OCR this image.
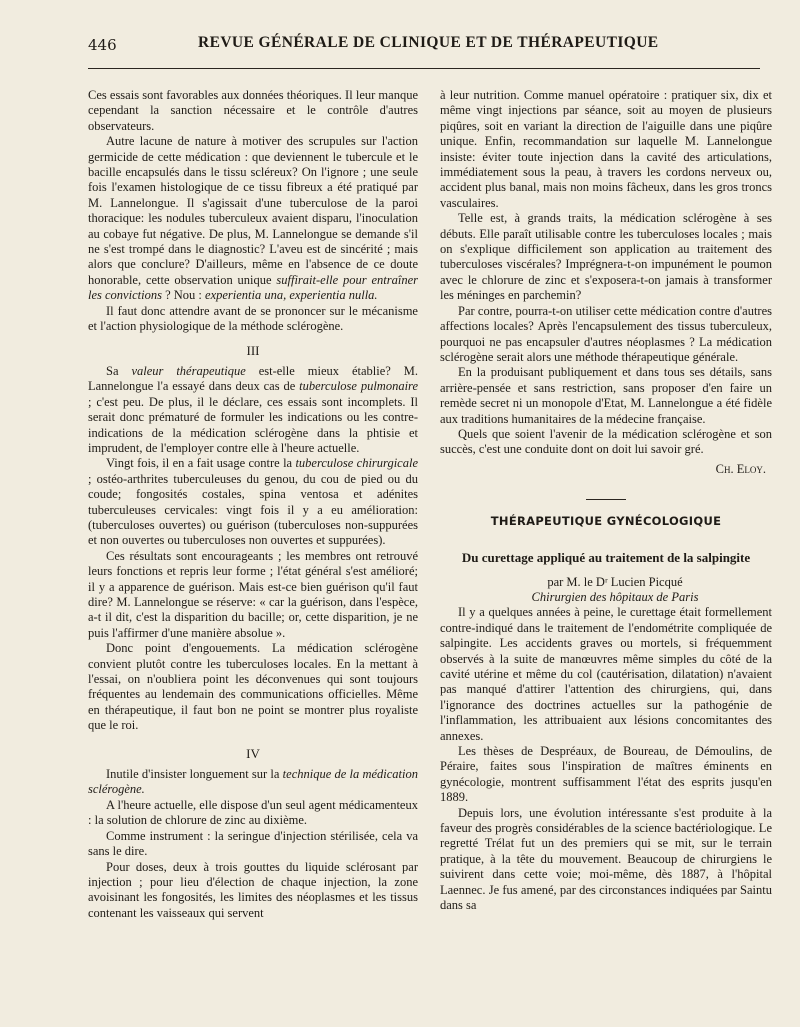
446	REVUE GÉNÉRALE DE CLINIQUE ET DE THÉRAPEUTIQUE

Ces essais sont favorables aux données théoriques. Il leur manque cependant la sanction nécessaire et le contrôle d'autres observateurs.

Autre lacune de nature à motiver des scrupules sur l'action germicide de cette médication : que deviennent le tubercule et le bacille encapsulés dans le tissu scléreux? On l'ignore ; une seule fois l'examen histologique de ce tissu fibreux a été pratiqué par M. Lannelongue. Il s'agissait d'une tuberculose de la paroi thoracique: les nodules tuberculeux avaient disparu, l'inoculation au cobaye fut négative. De plus, M. Lannelongue se demande s'il ne s'est trompé dans le diagnostic? L'aveu est de sincérité ; mais alors que conclure? D'ailleurs, même en l'absence de ce doute honorable, cette observation unique suffirait-elle pour entraîner les convictions ? Nou : experientia una, experientia nulla.

Il faut donc attendre avant de se prononcer sur le mécanisme et l'action physiologique de la méthode sclérogène.

III

Sa valeur thérapeutique est-elle mieux établie? M. Lannelongue l'a essayé dans deux cas de tuberculose pulmonaire ; c'est peu. De plus, il le déclare, ces essais sont incomplets. Il serait donc prématuré de formuler les indications ou les contre-indications de la médication sclérogène dans la phtisie et imprudent, de l'employer contre elle à l'heure actuelle.

Vingt fois, il en a fait usage contre la tuberculose chirurgicale ; ostéo-arthrites tuberculeuses du genou, du cou de pied ou du coude; fongosités costales, spina ventosa et adénites tuberculeuses cervicales: vingt fois il y a eu amélioration: (tuberculoses ouvertes) ou guérison (tuberculoses non-suppurées et non ouvertes ou tuberculoses non ouvertes et suppurées).

Ces résultats sont encourageants ; les membres ont retrouvé leurs fonctions et repris leur forme ; l'état général s'est amélioré; il y a apparence de guérison. Mais est-ce bien guérison qu'il faut dire? M. Lannelongue se réserve: « car la guérison, dans l'espèce, a-t il dit, c'est la disparition du bacille; or, cette disparition, je ne puis l'affirmer d'une manière absolue ».

Donc point d'engouements. La médication sclérogène convient plutôt contre les tuberculoses locales. En la mettant à l'essai, on n'oubliera point les déconvenues qui sont toujours fréquentes au lendemain des communications officielles. Même en thérapeutique, il faut bon ne point se montrer plus royaliste que le roi.

IV

Inutile d'insister longuement sur la technique de la médication sclérogène.

A l'heure actuelle, elle dispose d'un seul agent médicamenteux : la solution de chlorure de zinc au dixième.

Comme instrument : la seringue d'injection stérilisée, cela va sans le dire.

Pour doses, deux à trois gouttes du liquide sclérosant par injection ; pour lieu d'élection de chaque injection, la zone avoisinant les fongosités, les limites des néoplasmes et les tissus contenant les vaisseaux qui servent

à leur nutrition. Comme manuel opératoire : pratiquer six, dix et même vingt injections par séance, soit au moyen de plusieurs piqûres, soit en variant la direction de l'aiguille dans une piqûre unique. Enfin, recommandation sur laquelle M. Lannelongue insiste: éviter toute injection dans la cavité des articulations, immédiatement sous la peau, à travers les cordons nerveux ou, accident plus banal, mais non moins fâcheux, dans les gros troncs vasculaires.

Telle est, à grands traits, la médication sclérogène à ses débuts. Elle paraît utilisable contre les tuberculoses locales ; mais on s'explique difficilement son application au traitement des tuberculoses viscérales? Imprégnera-t-on impunément le poumon avec le chlorure de zinc et s'exposera-t-on jamais à transformer les méninges en parchemin?

Par contre, pourra-t-on utiliser cette médication contre d'autres affections locales? Après l'encapsulement des tissus tuberculeux, pourquoi ne pas encapsuler d'autres néoplasmes ? La médication sclérogène serait alors une méthode thérapeutique générale.

En la produisant publiquement et dans tous ses détails, sans arrière-pensée et sans restriction, sans proposer d'en faire un remède secret ni un monopole d'Etat, M. Lannelongue a été fidèle aux traditions humanitaires de la médecine française.

Quels que soient l'avenir de la médication sclérogène et son succès, c'est une conduite dont on doit lui savoir gré.

Ch. Eloy.
THÉRAPEUTIQUE GYNÉCOLOGIQUE
Du curettage appliqué au traitement de la salpingite

par M. le Dʳ Lucien Picqué

Chirurgien des hôpitaux de Paris

Il y a quelques années à peine, le curettage était formellement contre-indiqué dans le traitement de l'endométrite compliquée de salpingite. Les accidents graves ou mortels, si fréquemment observés à la suite de manœuvres même simples du côté de la cavité utérine et même du col (cautérisation, dilatation) n'avaient pas manqué d'attirer l'attention des chirurgiens, qui, dans l'ignorance des doctrines actuelles sur la pathogénie de l'inflammation, les attribuaient aux lésions concomitantes des annexes.

Les thèses de Despréaux, de Boureau, de Démoulins, de Péraire, faites sous l'inspiration de maîtres éminents en gynécologie, montrent suffisamment l'état des esprits jusqu'en 1889.

Depuis lors, une évolution intéressante s'est produite à la faveur des progrès considérables de la science bactériologique. Le regretté Trélat fut un des premiers qui se mit, sur le terrain pratique, à la tête du mouvement. Beaucoup de chirurgiens le suivirent dans cette voie; moi-même, dès 1887, à l'hôpital Laennec. Je fus amené, par des circonstances indiquées par Saintu dans sa
